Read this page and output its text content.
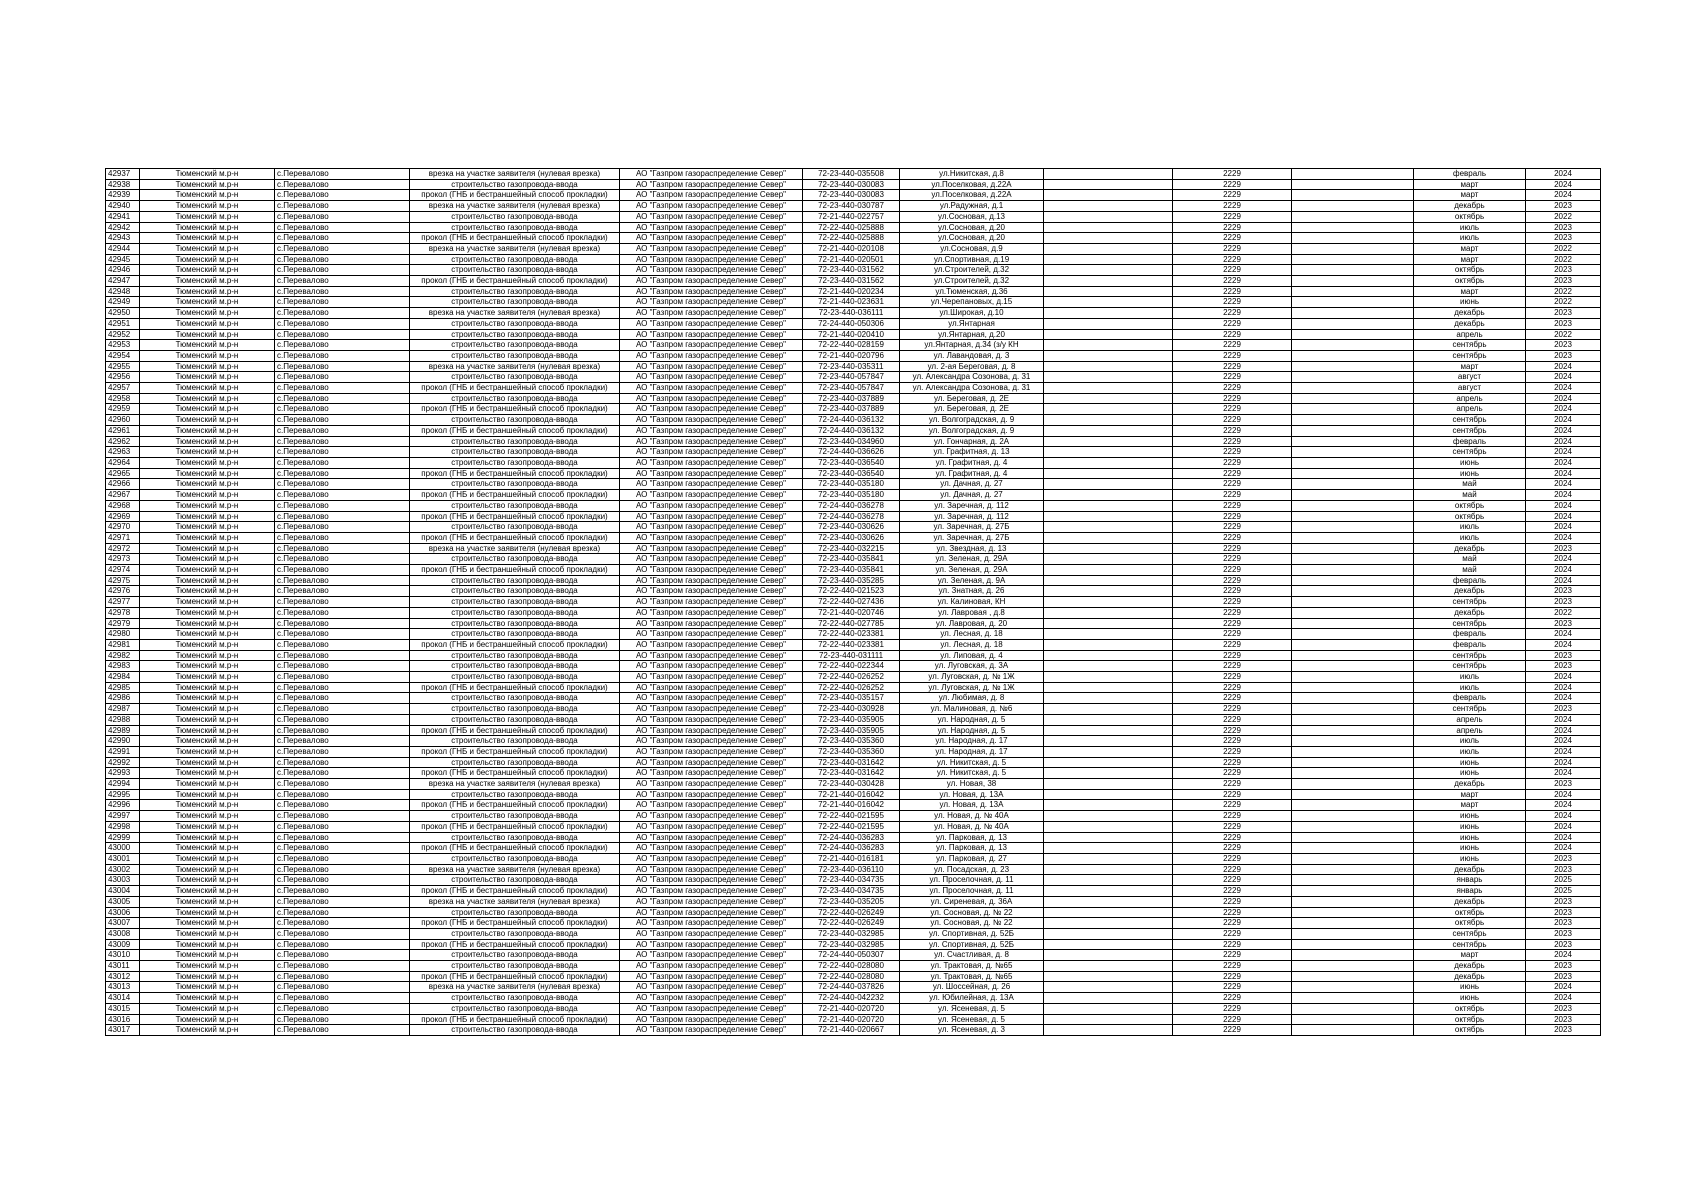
42937	Тюменский м.р-н	с.Перевалово	врезка на участке заявителя (нулевая врезка)	АО "Газпром газораспределение Север"	72-23-440-035508	ул.Никитская, д.8		2229		февраль	2024
42938	Тюменский м.р-н	с.Перевалово	строительство газопровода-ввода	АО "Газпром газораспределение Север"	72-23-440-030083	ул.Поселковая, д.22А		2229		март	2024
42939	Тюменский м.р-н	с.Перевалово	прокол (ГНБ и бестраншейный способ прокладки)	АО "Газпром газораспределение Север"	72-23-440-030083	ул.Поселковая, д.22А		2229		март	2024
42940	Тюменский м.р-н	с.Перевалово	врезка на участке заявителя (нулевая врезка)	АО "Газпром газораспределение Север"	72-23-440-030787	ул.Радужная, д.1		2229		декабрь	2023
42941	Тюменский м.р-н	с.Перевалово	строительство газопровода-ввода	АО "Газпром газораспределение Север"	72-21-440-022757	ул.Сосновая, д.13		2229		октябрь	2022
42942	Тюменский м.р-н	с.Перевалово	строительство газопровода-ввода	АО "Газпром газораспределение Север"	72-22-440-025888	ул.Сосновая, д.20		2229		июль	2023
42943	Тюменский м.р-н	с.Перевалово	прокол (ГНБ и бестраншейный способ прокладки)	АО "Газпром газораспределение Север"	72-22-440-025888	ул.Сосновая, д.20		2229		июль	2023
42944	Тюменский м.р-н	с.Перевалово	врезка на участке заявителя (нулевая врезка)	АО "Газпром газораспределение Север"	72-21-440-020108	ул.Сосновая, д.9		2229		март	2022
42945	Тюменский м.р-н	с.Перевалово	строительство газопровода-ввода	АО "Газпром газораспределение Север"	72-21-440-020501	ул.Спортивная, д.19		2229		март	2022
42946	Тюменский м.р-н	с.Перевалово	строительство газопровода-ввода	АО "Газпром газораспределение Север"	72-23-440-031562	ул.Строителей, д.32		2229		октябрь	2023
42947	Тюменский м.р-н	с.Перевалово	прокол (ГНБ и бестраншейный способ прокладки)	АО "Газпром газораспределение Север"	72-23-440-031562	ул.Строителей, д.32		2229		октябрь	2023
42948	Тюменский м.р-н	с.Перевалово	строительство газопровода-ввода	АО "Газпром газораспределение Север"	72-21-440-020234	ул.Тюменская, д.36		2229		март	2022
42949	Тюменский м.р-н	с.Перевалово	строительство газопровода-ввода	АО "Газпром газораспределение Север"	72-21-440-023631	ул.Черепановых, д.15		2229		июнь	2022
42950	Тюменский м.р-н	с.Перевалово	врезка на участке заявителя (нулевая врезка)	АО "Газпром газораспределение Север"	72-23-440-036111	ул.Широкая, д.10		2229		декабрь	2023
42951	Тюменский м.р-н	с.Перевалово	строительство газопровода-ввода	АО "Газпром газораспределение Север"	72-24-440-050306	ул.Янтарная		2229		декабрь	2023
42952	Тюменский м.р-н	с.Перевалово	строительство газопровода-ввода	АО "Газпром газораспределение Север"	72-21-440-020410	ул.Янтарная, д.20		2229		апрель	2022
42953	Тюменский м.р-н	с.Перевалово	строительство газопровода-ввода	АО "Газпром газораспределение Север"	72-22-440-028159	ул.Янтарная, д.34 (з/у КН		2229		сентябрь	2023
42954	Тюменский м.р-н	с.Перевалово	строительство газопровода-ввода	АО "Газпром газораспределение Север"	72-21-440-020796	ул. Лавандовая, д. 3		2229		сентябрь	2023
42955	Тюменский м.р-н	с.Перевалово	врезка на участке заявителя (нулевая врезка)	АО "Газпром газораспределение Север"	72-23-440-035311	ул. 2-ая Береговая, д. 8		2229		март	2024
42956	Тюменский м.р-н	с.Перевалово	строительство газопровода-ввода	АО "Газпром газораспределение Север"	72-23-440-057847	ул. Александра Созонова, д. 31		2229		август	2024
42957	Тюменский м.р-н	с.Перевалово	прокол (ГНБ и бестраншейный способ прокладки)	АО "Газпром газораспределение Север"	72-23-440-057847	ул. Александра Созонова, д. 31		2229		август	2024
42958	Тюменский м.р-н	с.Перевалово	строительство газопровода-ввода	АО "Газпром газораспределение Север"	72-23-440-037889	ул. Береговая, д. 2Е		2229		апрель	2024
42959	Тюменский м.р-н	с.Перевалово	прокол (ГНБ и бестраншейный способ прокладки)	АО "Газпром газораспределение Север"	72-23-440-037889	ул. Береговая, д. 2Е		2229		апрель	2024
42960	Тюменский м.р-н	с.Перевалово	строительство газопровода-ввода	АО "Газпром газораспределение Север"	72-24-440-036132	ул. Волгоградская, д. 9		2229		сентябрь	2024
42961	Тюменский м.р-н	с.Перевалово	прокол (ГНБ и бестраншейный способ прокладки)	АО "Газпром газораспределение Север"	72-24-440-036132	ул. Волгоградская, д. 9		2229		сентябрь	2024
42962	Тюменский м.р-н	с.Перевалово	строительство газопровода-ввода	АО "Газпром газораспределение Север"	72-23-440-034960	ул. Гончарная, д. 2А		2229		февраль	2024
42963	Тюменский м.р-н	с.Перевалово	строительство газопровода-ввода	АО "Газпром газораспределение Север"	72-24-440-036626	ул. Графитная, д. 13		2229		сентябрь	2024
42964	Тюменский м.р-н	с.Перевалово	строительство газопровода-ввода	АО "Газпром газораспределение Север"	72-23-440-036540	ул. Графитная, д. 4		2229		июнь	2024
42965	Тюменский м.р-н	с.Перевалово	прокол (ГНБ и бестраншейный способ прокладки)	АО "Газпром газораспределение Север"	72-23-440-036540	ул. Графитная, д. 4		2229		июнь	2024
42966	Тюменский м.р-н	с.Перевалово	строительство газопровода-ввода	АО "Газпром газораспределение Север"	72-23-440-035180	ул. Дачная, д. 27		2229		май	2024
42967	Тюменский м.р-н	с.Перевалово	прокол (ГНБ и бестраншейный способ прокладки)	АО "Газпром газораспределение Север"	72-23-440-035180	ул. Дачная, д. 27		2229		май	2024
42968	Тюменский м.р-н	с.Перевалово	строительство газопровода-ввода	АО "Газпром газораспределение Север"	72-24-440-036278	ул. Заречная, д. 112		2229		октябрь	2024
42969	Тюменский м.р-н	с.Перевалово	прокол (ГНБ и бестраншейный способ прокладки)	АО "Газпром газораспределение Север"	72-24-440-036278	ул. Заречная, д. 112		2229		октябрь	2024
42970	Тюменский м.р-н	с.Перевалово	строительство газопровода-ввода	АО "Газпром газораспределение Север"	72-23-440-030626	ул. Заречная, д. 27Б		2229		июль	2024
42971	Тюменский м.р-н	с.Перевалово	прокол (ГНБ и бестраншейный способ прокладки)	АО "Газпром газораспределение Север"	72-23-440-030626	ул. Заречная, д. 27Б		2229		июль	2024
42972	Тюменский м.р-н	с.Перевалово	врезка на участке заявителя (нулевая врезка)	АО "Газпром газораспределение Север"	72-23-440-032215	ул. Звездная, д. 13		2229		декабрь	2023
42973	Тюменский м.р-н	с.Перевалово	строительство газопровода-ввода	АО "Газпром газораспределение Север"	72-23-440-035841	ул. Зеленая, д. 29А		2229		май	2024
42974	Тюменский м.р-н	с.Перевалово	прокол (ГНБ и бестраншейный способ прокладки)	АО "Газпром газораспределение Север"	72-23-440-035841	ул. Зеленая, д. 29А		2229		май	2024
42975	Тюменский м.р-н	с.Перевалово	строительство газопровода-ввода	АО "Газпром газораспределение Север"	72-23-440-035285	ул. Зеленая, д. 9А		2229		февраль	2024
42976	Тюменский м.р-н	с.Перевалово	строительство газопровода-ввода	АО "Газпром газораспределение Север"	72-22-440-021523	ул. Знатная, д. 26		2229		декабрь	2023
42977	Тюменский м.р-н	с.Перевалово	строительство газопровода-ввода	АО "Газпром газораспределение Север"	72-22-440-027436	ул. Калиновая, КН		2229		сентябрь	2023
42978	Тюменский м.р-н	с.Перевалово	строительство газопровода-ввода	АО "Газпром газораспределение Север"	72-21-440-020746	ул. Лавровая , д.8		2229		декабрь	2022
42979	Тюменский м.р-н	с.Перевалово	строительство газопровода-ввода	АО "Газпром газораспределение Север"	72-22-440-027785	ул. Лавровая, д. 20		2229		сентябрь	2023
42980	Тюменский м.р-н	с.Перевалово	строительство газопровода-ввода	АО "Газпром газораспределение Север"	72-22-440-023381	ул. Лесная, д. 18		2229		февраль	2024
42981	Тюменский м.р-н	с.Перевалово	прокол (ГНБ и бестраншейный способ прокладки)	АО "Газпром газораспределение Север"	72-22-440-023381	ул. Лесная, д. 18		2229		февраль	2024
42982	Тюменский м.р-н	с.Перевалово	строительство газопровода-ввода	АО "Газпром газораспределение Север"	72-23-440-031111	ул. Липовая, д. 4		2229		сентябрь	2023
42983	Тюменский м.р-н	с.Перевалово	строительство газопровода-ввода	АО "Газпром газораспределение Север"	72-22-440-022344	ул. Луговская, д. 3А		2229		сентябрь	2023
42984	Тюменский м.р-н	с.Перевалово	строительство газопровода-ввода	АО "Газпром газораспределение Север"	72-22-440-026252	ул. Луговская, д. № 1Ж		2229		июль	2024
42985	Тюменский м.р-н	с.Перевалово	прокол (ГНБ и бестраншейный способ прокладки)	АО "Газпром газораспределение Север"	72-22-440-026252	ул. Луговская, д. № 1Ж		2229		июль	2024
42986	Тюменский м.р-н	с.Перевалово	строительство газопровода-ввода	АО "Газпром газораспределение Север"	72-23-440-035157	ул. Любимая, д. 8		2229		февраль	2024
42987	Тюменский м.р-н	с.Перевалово	строительство газопровода-ввода	АО "Газпром газораспределение Север"	72-23-440-030928	ул. Малиновая, д. №6		2229		сентябрь	2023
42988	Тюменский м.р-н	с.Перевалово	строительство газопровода-ввода	АО "Газпром газораспределение Север"	72-23-440-035905	ул. Народная, д. 5		2229		апрель	2024
42989	Тюменский м.р-н	с.Перевалово	прокол (ГНБ и бестраншейный способ прокладки)	АО "Газпром газораспределение Север"	72-23-440-035905	ул. Народная, д. 5		2229		апрель	2024
42990	Тюменский м.р-н	с.Перевалово	строительство газопровода-ввода	АО "Газпром газораспределение Север"	72-23-440-035360	ул. Народная, д. 17		2229		июль	2024
42991	Тюменский м.р-н	с.Перевалово	прокол (ГНБ и бестраншейный способ прокладки)	АО "Газпром газораспределение Север"	72-23-440-035360	ул. Народная, д. 17		2229		июль	2024
42992	Тюменский м.р-н	с.Перевалово	строительство газопровода-ввода	АО "Газпром газораспределение Север"	72-23-440-031642	ул. Никитская, д. 5		2229		июнь	2024
42993	Тюменский м.р-н	с.Перевалово	прокол (ГНБ и бестраншейный способ прокладки)	АО "Газпром газораспределение Север"	72-23-440-031642	ул. Никитская, д. 5		2229		июнь	2024
42994	Тюменский м.р-н	с.Перевалово	врезка на участке заявителя (нулевая врезка)	АО "Газпром газораспределение Север"	72-23-440-030428	ул. Новая, 38		2229		декабрь	2023
42995	Тюменский м.р-н	с.Перевалово	строительство газопровода-ввода	АО "Газпром газораспределение Север"	72-21-440-016042	ул. Новая, д. 13А		2229		март	2024
42996	Тюменский м.р-н	с.Перевалово	прокол (ГНБ и бестраншейный способ прокладки)	АО "Газпром газораспределение Север"	72-21-440-016042	ул. Новая, д. 13А		2229		март	2024
42997	Тюменский м.р-н	с.Перевалово	строительство газопровода-ввода	АО "Газпром газораспределение Север"	72-22-440-021595	ул. Новая, д. № 40А		2229		июнь	2024
42998	Тюменский м.р-н	с.Перевалово	прокол (ГНБ и бестраншейный способ прокладки)	АО "Газпром газораспределение Север"	72-22-440-021595	ул. Новая, д. № 40А		2229		июнь	2024
42999	Тюменский м.р-н	с.Перевалово	строительство газопровода-ввода	АО "Газпром газораспределение Север"	72-24-440-036283	ул. Парковая, д. 13		2229		июнь	2024
43000	Тюменский м.р-н	с.Перевалово	прокол (ГНБ и бестраншейный способ прокладки)	АО "Газпром газораспределение Север"	72-24-440-036283	ул. Парковая, д. 13		2229		июнь	2024
43001	Тюменский м.р-н	с.Перевалово	строительство газопровода-ввода	АО "Газпром газораспределение Север"	72-21-440-016181	ул. Парковая, д. 27		2229		июнь	2023
43002	Тюменский м.р-н	с.Перевалово	врезка на участке заявителя (нулевая врезка)	АО "Газпром газораспределение Север"	72-23-440-036110	ул. Посадская, д. 23		2229		декабрь	2023
43003	Тюменский м.р-н	с.Перевалово	строительство газопровода-ввода	АО "Газпром газораспределение Север"	72-23-440-034735	ул. Проселочная, д. 11		2229		январь	2025
43004	Тюменский м.р-н	с.Перевалово	прокол (ГНБ и бестраншейный способ прокладки)	АО "Газпром газораспределение Север"	72-23-440-034735	ул. Проселочная, д. 11		2229		январь	2025
43005	Тюменский м.р-н	с.Перевалово	врезка на участке заявителя (нулевая врезка)	АО "Газпром газораспределение Север"	72-23-440-035205	ул. Сиреневая, д. 36А		2229		декабрь	2023
43006	Тюменский м.р-н	с.Перевалово	строительство газопровода-ввода	АО "Газпром газораспределение Север"	72-22-440-026249	ул. Сосновая, д. № 22		2229		октябрь	2023
43007	Тюменский м.р-н	с.Перевалово	прокол (ГНБ и бестраншейный способ прокладки)	АО "Газпром газораспределение Север"	72-22-440-026249	ул. Сосновая, д. № 22		2229		октябрь	2023
43008	Тюменский м.р-н	с.Перевалово	строительство газопровода-ввода	АО "Газпром газораспределение Север"	72-23-440-032985	ул. Спортивная, д. 52Б		2229		сентябрь	2023
43009	Тюменский м.р-н	с.Перевалово	прокол (ГНБ и бестраншейный способ прокладки)	АО "Газпром газораспределение Север"	72-23-440-032985	ул. Спортивная, д. 52Б		2229		сентябрь	2023
43010	Тюменский м.р-н	с.Перевалово	строительство газопровода-ввода	АО "Газпром газораспределение Север"	72-24-440-050307	ул. Счастливая, д. 8		2229		март	2024
43011	Тюменский м.р-н	с.Перевалово	строительство газопровода-ввода	АО "Газпром газораспределение Север"	72-22-440-028080	ул. Трактовая, д. №65		2229		декабрь	2023
43012	Тюменский м.р-н	с.Перевалово	прокол (ГНБ и бестраншейный способ прокладки)	АО "Газпром газораспределение Север"	72-22-440-028080	ул. Трактовая, д. №65		2229		декабрь	2023
43013	Тюменский м.р-н	с.Перевалово	врезка на участке заявителя (нулевая врезка)	АО "Газпром газораспределение Север"	72-24-440-037826	ул. Шоссейная, д. 26		2229		июнь	2024
43014	Тюменский м.р-н	с.Перевалово	строительство газопровода-ввода	АО "Газпром газораспределение Север"	72-24-440-042232	ул. Юбилейная, д. 13А		2229		июнь	2024
43015	Тюменский м.р-н	с.Перевалово	строительство газопровода-ввода	АО "Газпром газораспределение Север"	72-21-440-020720	ул. Ясеневая, д. 5		2229		октябрь	2023
43016	Тюменский м.р-н	с.Перевалово	прокол (ГНБ и бестраншейный способ прокладки)	АО "Газпром газораспределение Север"	72-21-440-020720	ул. Ясеневая, д. 5		2229		октябрь	2023
43017	Тюменский м.р-н	с.Перевалово	строительство газопровода-ввода	АО "Газпром газораспределение Север"	72-21-440-020667	ул. Ясеневая, д. 3		2229		октябрь	2023
